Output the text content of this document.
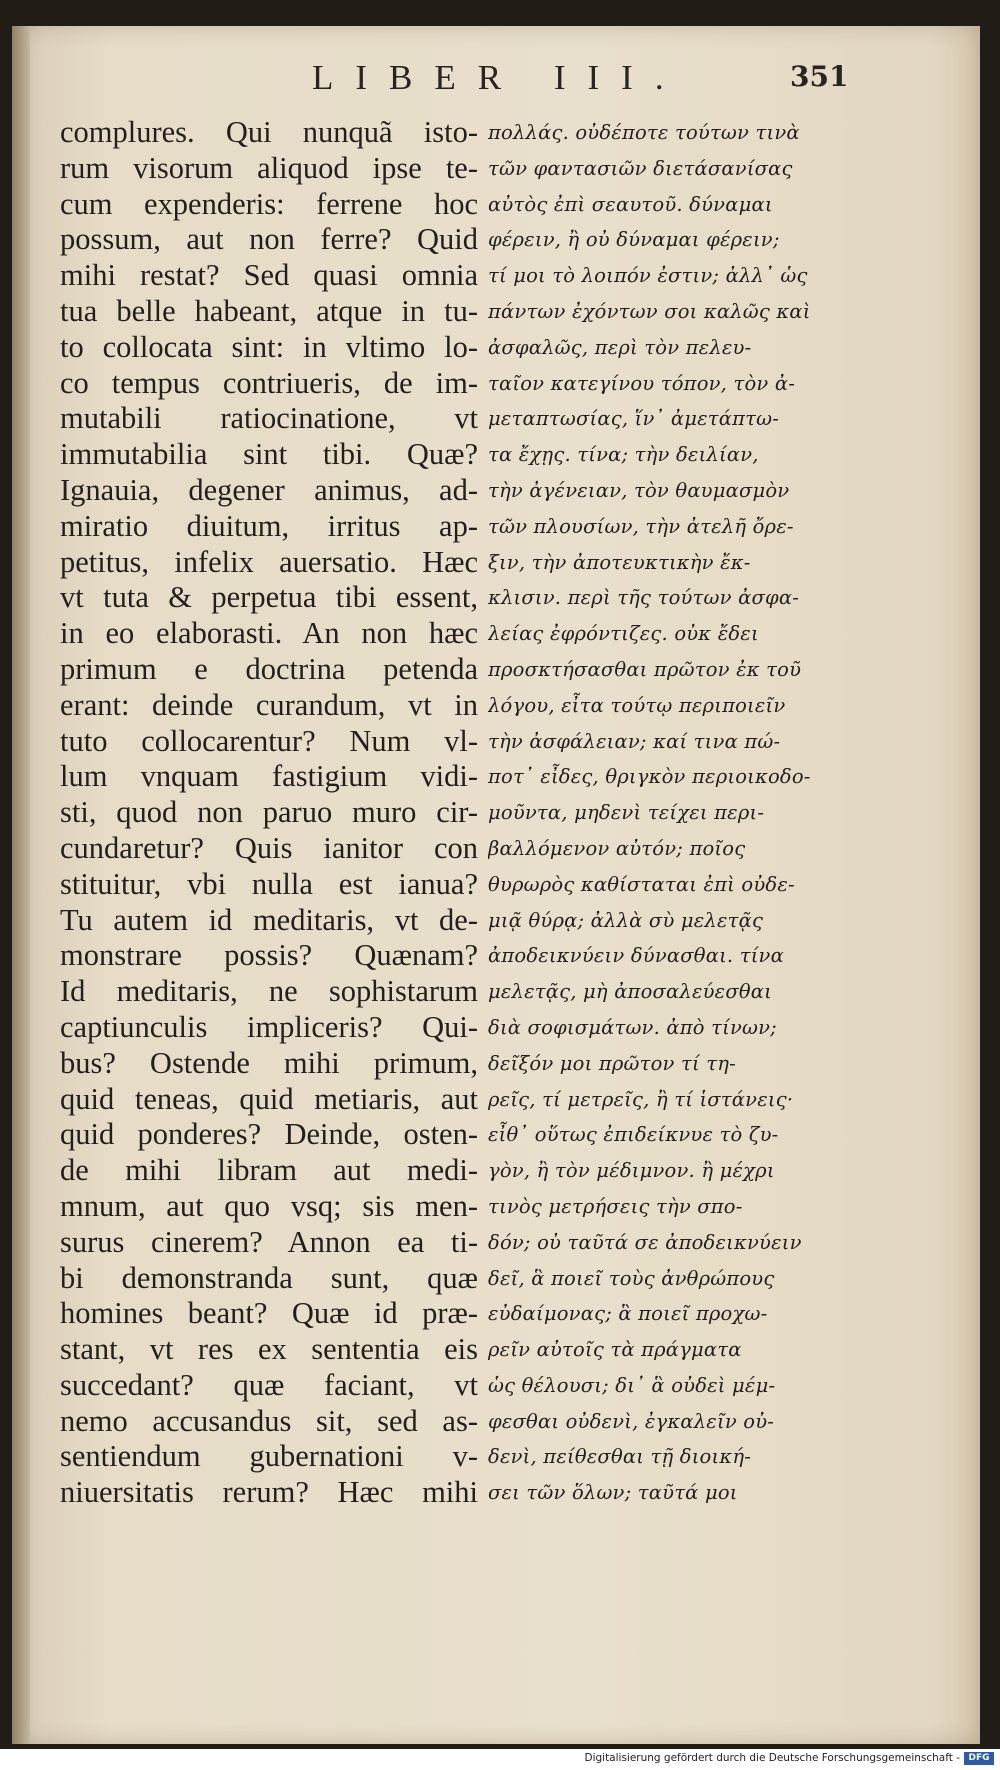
LIBER III.	351
complures. Qui nunquã isto-
rum visorum aliquod ipse te-
cum expenderis: ferrene hoc
possum, aut non ferre? Quid
mihi restat? Sed quasi omnia
tua belle habeant, atque in tu-
to collocata sint: in vltimo lo-
co tempus contriueris, de im-
mutabili ratiocinatione, vt
immutabilia sint tibi. Quæ?
Ignauia, degener animus, ad-
miratio diuitum, irritus ap-
petitus, infelix auersatio. Hæc
vt tuta & perpetua tibi essent,
in eo elaborasti. An non hæc
primum e doctrina petenda
erant: deinde curandum, vt in
tuto collocarentur? Num vl-
lum vnquam fastigium vidi-
sti, quod non paruo muro cir-
cundaretur? Quis ianitor con
stituitur, vbi nulla est ianua?
Tu autem id meditaris, vt de-
monstrare possis? Quænam?
Id meditaris, ne sophistarum
captiunculis impliceris? Qui-
bus? Ostende mihi primum,
quid teneas, quid metiaris, aut
quid ponderes? Deinde, osten-
de mihi libram aut medi-
mnum, aut quo vsq; sis men-
surus cinerem? Annon ea ti-
bi demonstranda sunt, quæ
homines beant? Quæ id præ-
stant, vt res ex sententia eis
succedant? quæ faciant, vt
nemo accusandus sit, sed as-
sentiendum gubernationi v-
niuersitatis rerum? Hæc mihi
πολλάς. οὐδέποτε τούτων τινὰ
τῶν φαντασιῶν διετάσανίσας
αὐτὸς ἐπὶ σεαυτοῦ. δύναμαι
φέρειν, ἢ οὐ δύναμαι φέρειν;
τί μοι τὸ λοιπόν ἐστιν; ἀλλ᾽ ὡς
πάντων ἐχόντων σοι καλῶς καὶ
ἀσφαλῶς, περὶ τὸν πελευ-
ταῖον κατεγίνου τόπον, τὸν ἀ-
μεταπτωσίας, ἵν᾽ ἀμετάπτω-
τα ἔχῃς. τίνα; τὴν δειλίαν,
τὴν ἀγένειαν, τὸν θαυμασμὸν
τῶν πλουσίων, τὴν ἀτελῆ ὄρε-
ξιν, τὴν ἀποτευκτικὴν ἔκ-
κλισιν. περὶ τῆς τούτων ἀσφα-
λείας ἐφρόντιζες. οὐκ ἔδει
προσκτήσασθαι πρῶτον ἐκ τοῦ
λόγου, εἶτα τούτῳ περιποιεῖν
τὴν ἀσφάλειαν; καί τινα πώ-
ποτ᾽ εἶδες, θριγκὸν περιοικοδο-
μοῦντα, μηδενὶ τείχει περι-
βαλλόμενον αὐτόν; ποῖος
θυρωρὸς καθίσταται ἐπὶ οὐδε-
μιᾷ θύρᾳ; ἀλλὰ σὺ μελετᾷς
ἀποδεικνύειν δύνασθαι. τίνα
μελετᾷς, μὴ ἀποσαλεύεσθαι
διὰ σοφισμάτων. ἀπὸ τίνων;
δεῖξόν μοι πρῶτον τί τη-
ρεῖς, τί μετρεῖς, ἢ τί ἱστάνεις·
εἶθ᾽ οὕτως ἐπιδείκνυε τὸ ζυ-
γὸν, ἢ τὸν μέδιμνον. ἢ μέχρι
τινὸς μετρήσεις τὴν σπο-
δόν; οὐ ταῦτά σε ἀποδεικνύειν
δεῖ, ἃ ποιεῖ τοὺς ἀνθρώπους
εὐδαίμονας; ἃ ποιεῖ προχω-
ρεῖν αὐτοῖς τὰ πράγματα
ὡς θέλουσι; δι᾽ ἃ οὐδεὶ μέμ-
φεσθαι οὐδενὶ, ἐγκαλεῖν οὐ-
δενὶ, πείθεσθαι τῇ διοική-
σει τῶν ὅλων; ταῦτά μοι
Digitalisierung gefördert durch die Deutsche Forschungsgemeinschaft - DFG
